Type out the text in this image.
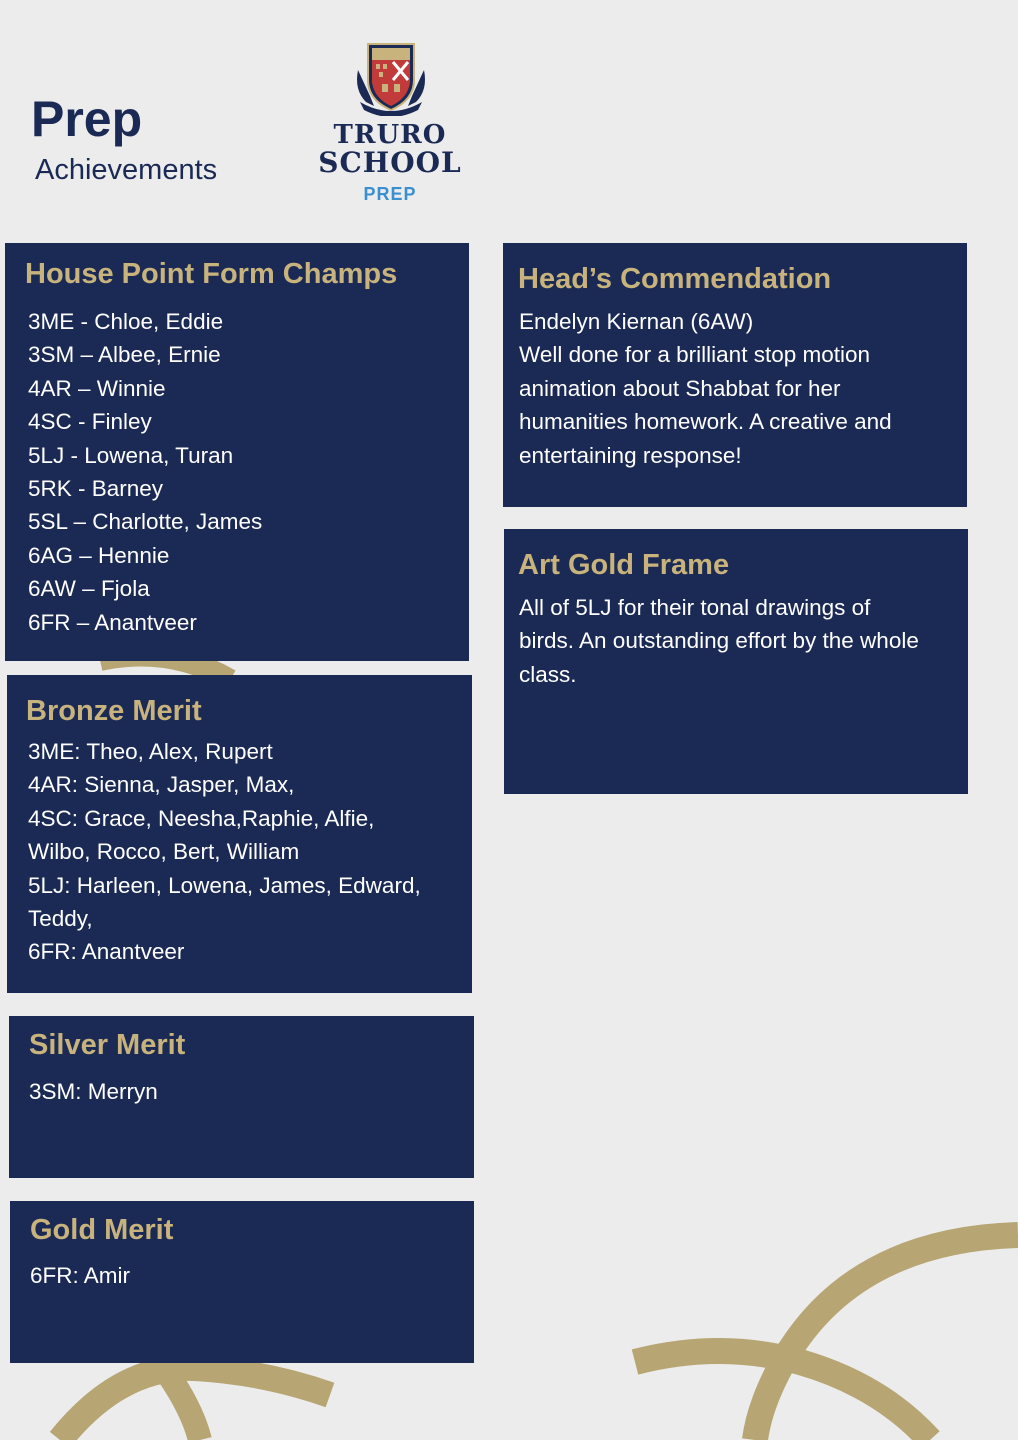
Prep
Achievements
TRURO
SCHOOL
PREP
House Point Form Champs
3ME - Chloe, Eddie
3SM – Albee, Ernie
4AR – Winnie
4SC - Finley
5LJ - Lowena, Turan
5RK - Barney
5SL – Charlotte, James
6AG – Hennie
6AW – Fjola
6FR – Anantveer
Bronze Merit
3ME: Theo, Alex, Rupert
4AR: Sienna, Jasper, Max,
4SC: Grace, Neesha,Raphie, Alfie,
Wilbo, Rocco, Bert, William
5LJ: Harleen, Lowena, James, Edward,
Teddy,
6FR: Anantveer
Silver Merit
3SM: Merryn
Gold Merit
6FR: Amir
Head’s Commendation
Endelyn Kiernan (6AW)
Well done for a brilliant stop motion
animation about Shabbat for her
humanities homework. A creative and
entertaining response!
Art Gold Frame
All of 5LJ for their tonal drawings of
birds. An outstanding effort by the whole
class.
